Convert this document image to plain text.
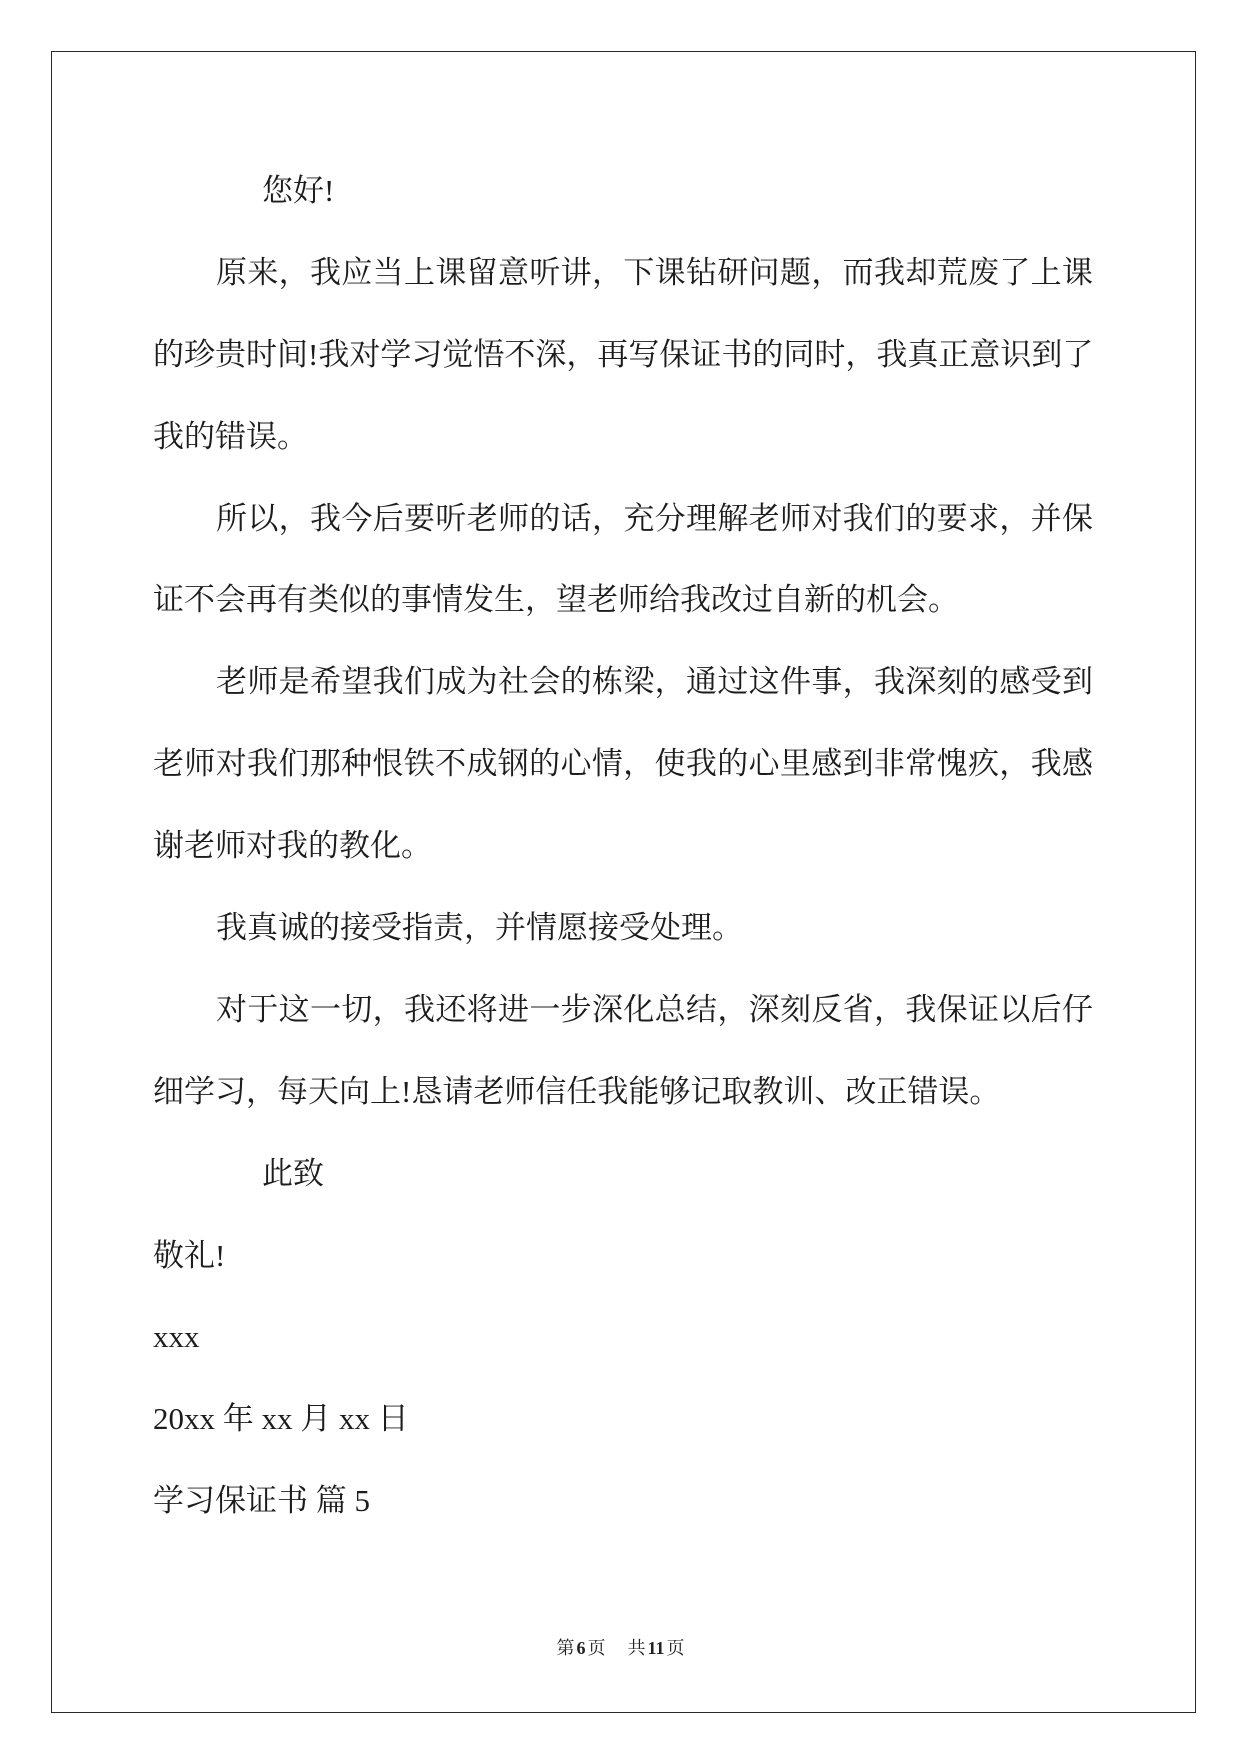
您好!
原来，我应当上课留意听讲，下课钻研问题，而我却荒废了上课
的珍贵时间!我对学习觉悟不深，再写保证书的同时，我真正意识到了
我的错误。
所以，我今后要听老师的话，充分理解老师对我们的要求，并保
证不会再有类似的事情发生，望老师给我改过自新的机会。
老师是希望我们成为社会的栋梁，通过这件事，我深刻的感受到
老师对我们那种恨铁不成钢的心情，使我的心里感到非常愧疚，我感
谢老师对我的教化。
我真诚的接受指责，并情愿接受处理。
对于这一切，我还将进一步深化总结，深刻反省，我保证以后仔
细学习，每天向上!恳请老师信任我能够记取教训、改正错误。
此致
敬礼!
xxx
20xx 年 xx 月 xx 日
学习保证书 篇 5
第 6 页 共 11 页
